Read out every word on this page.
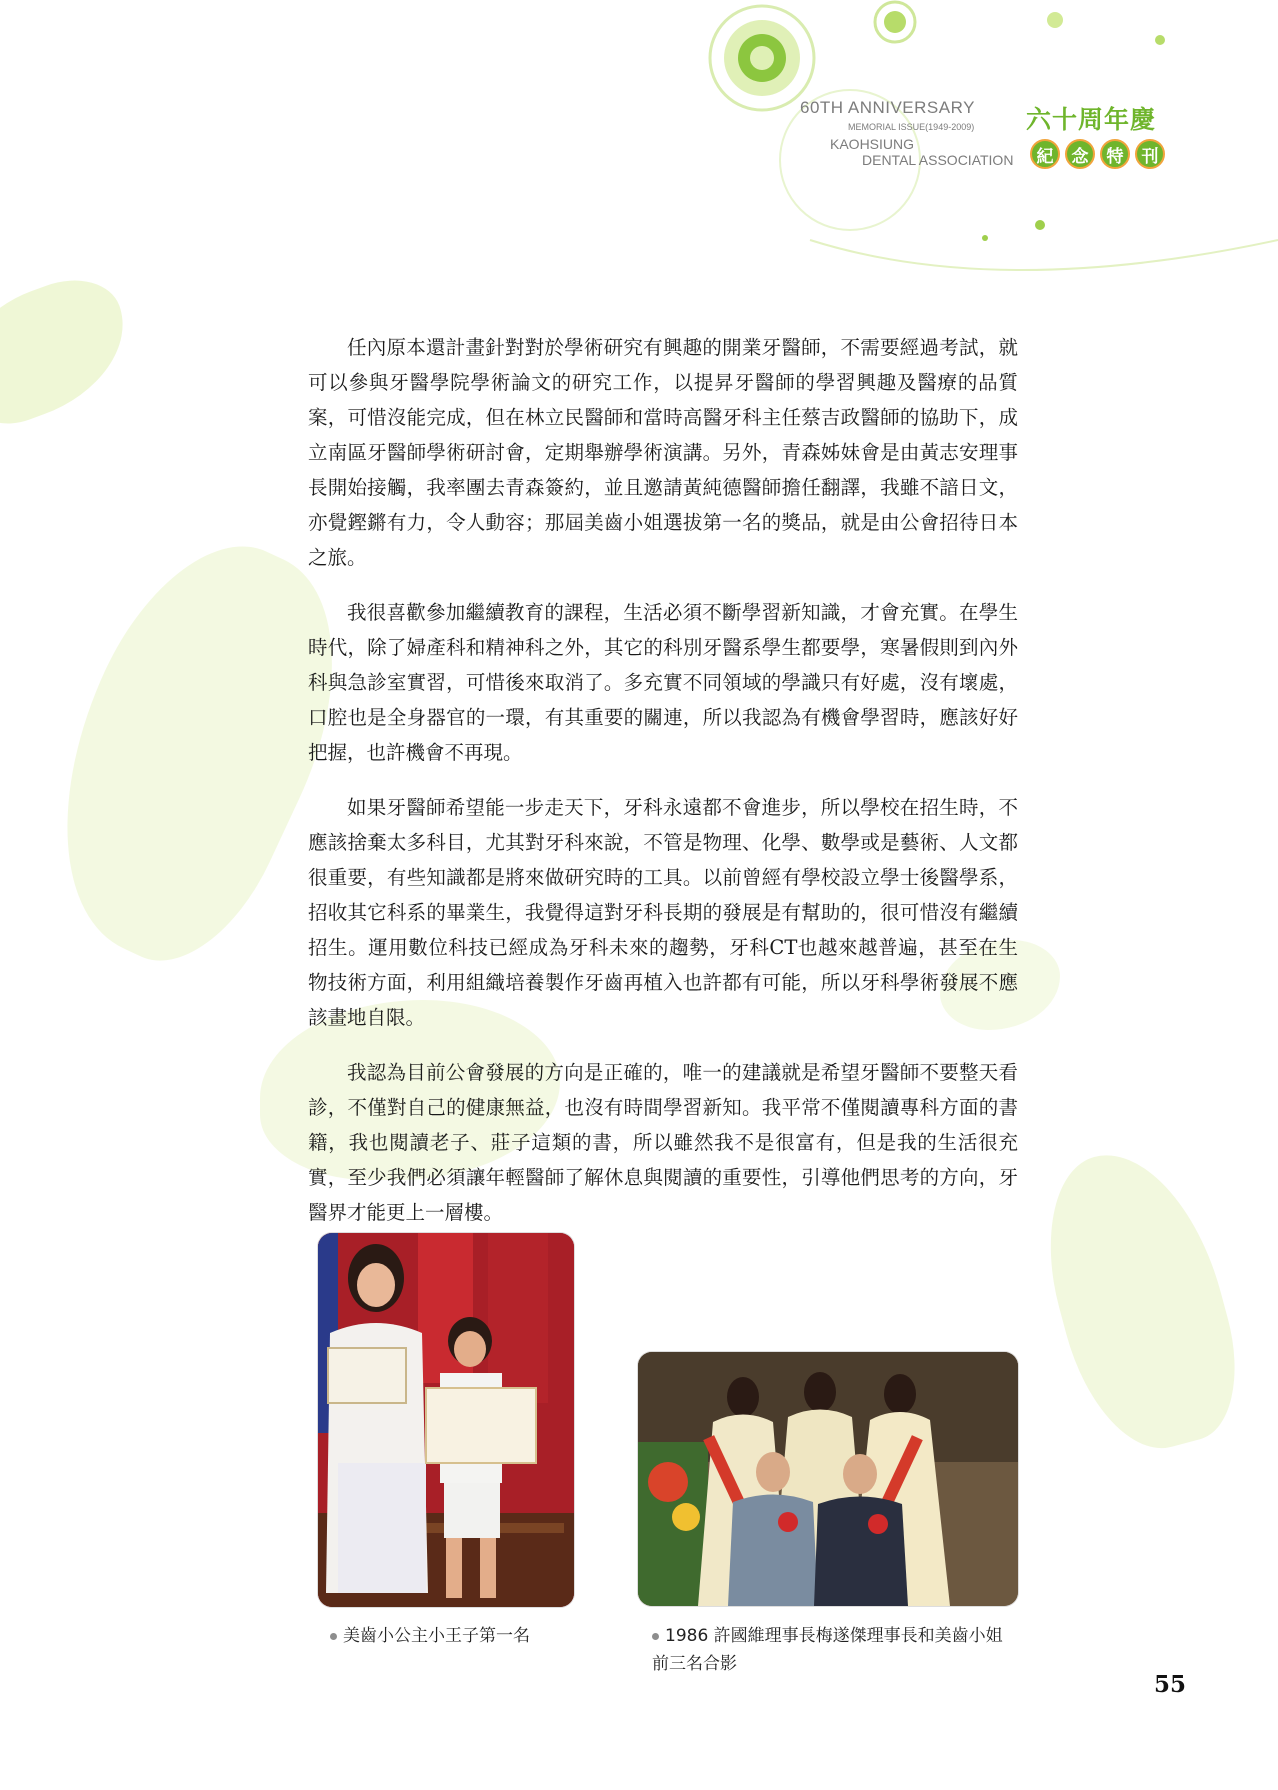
60TH ANNIVERSARY
MEMORIAL ISSUE(1949-2009)
KAOHSIUNG
DENTAL ASSOCIATION
六十周年慶
紀	念	特	刊

任內原本還計畫針對對於學術研究有興趣的開業牙醫師，不需要經過考試，就可以參與牙醫學院學術論文的研究工作，以提昇牙醫師的學習興趣及醫療的品質案，可惜沒能完成，但在林立民醫師和當時高醫牙科主任蔡吉政醫師的協助下，成立南區牙醫師學術研討會，定期舉辦學術演講。另外，青森姊妹會是由黃志安理事長開始接觸，我率團去青森簽約，並且邀請黃純德醫師擔任翻譯，我雖不諳日文，亦覺鏗鏘有力，令人動容；那屆美齒小姐選拔第一名的獎品，就是由公會招待日本之旅。

我很喜歡參加繼續教育的課程，生活必須不斷學習新知識，才會充實。在學生時代，除了婦產科和精神科之外，其它的科別牙醫系學生都要學，寒暑假則到內外科與急診室實習，可惜後來取消了。多充實不同領域的學識只有好處，沒有壞處，口腔也是全身器官的一環，有其重要的關連，所以我認為有機會學習時，應該好好把握，也許機會不再現。

如果牙醫師希望能一步走天下，牙科永遠都不會進步，所以學校在招生時，不應該捨棄太多科目，尤其對牙科來說，不管是物理、化學、數學或是藝術、人文都很重要，有些知識都是將來做研究時的工具。以前曾經有學校設立學士後醫學系，招收其它科系的畢業生，我覺得這對牙科長期的發展是有幫助的，很可惜沒有繼續招生。運用數位科技已經成為牙科未來的趨勢，牙科CT也越來越普遍，甚至在生物技術方面，利用組織培養製作牙齒再植入也許都有可能，所以牙科學術發展不應該畫地自限。

我認為目前公會發展的方向是正確的，唯一的建議就是希望牙醫師不要整天看診，不僅對自己的健康無益，也沒有時間學習新知。我平常不僅閱讀專科方面的書籍，我也閱讀老子、莊子這類的書，所以雖然我不是很富有，但是我的生活很充實，至少我們必須讓年輕醫師了解休息與閱讀的重要性，引導他們思考的方向，牙醫界才能更上一層樓。

美齒小公主小王子第一名	1986 許國維理事長梅遂傑理事長和美齒小姐前三名合影
55
